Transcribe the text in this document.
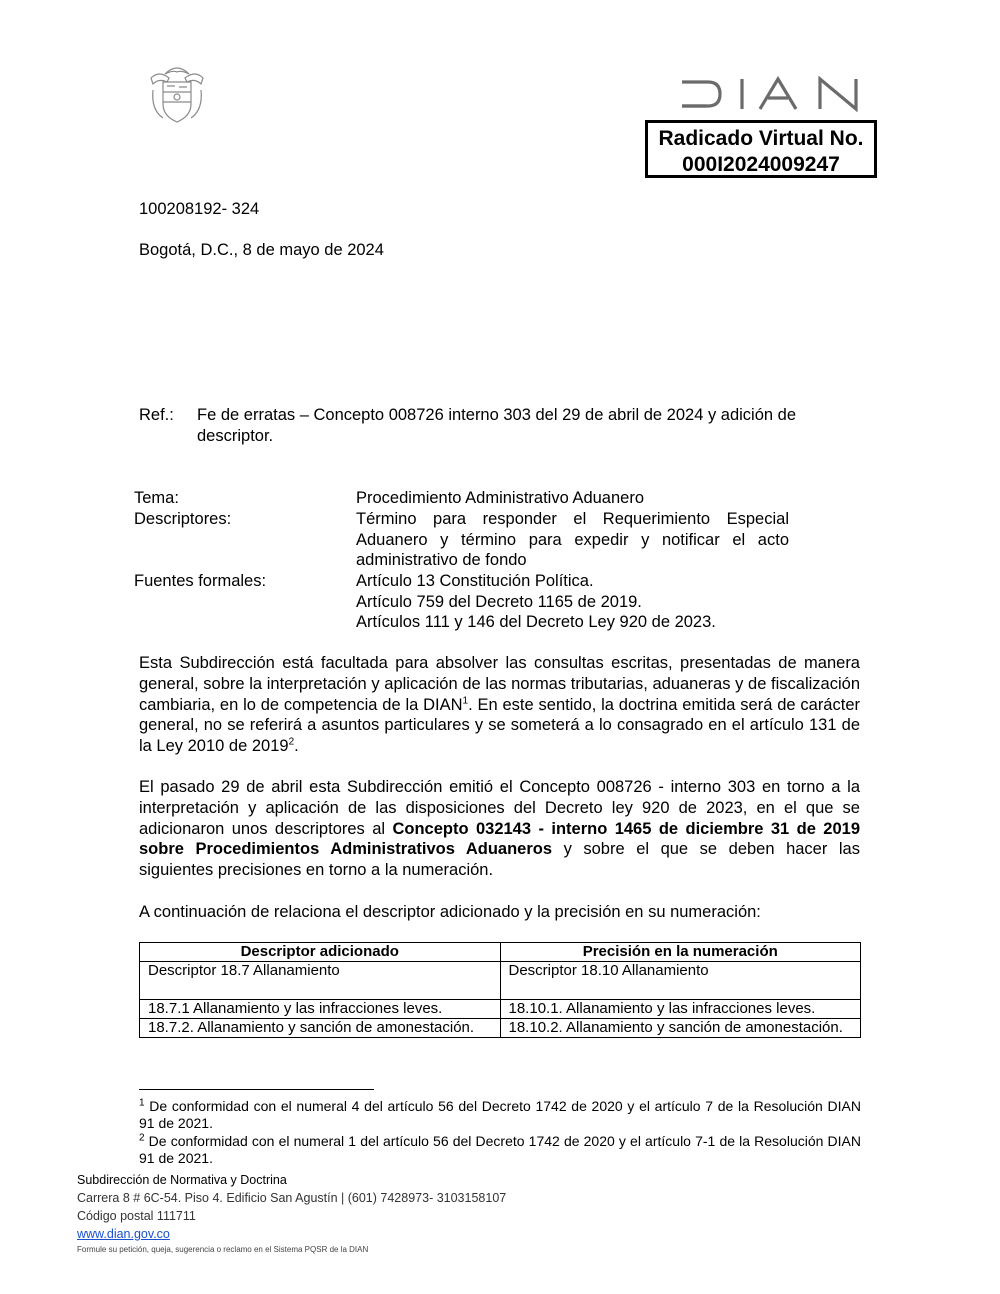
DIAN
Radicado Virtual No.
000I2024009247
100208192- 324
Bogotá, D.C., 8 de mayo de 2024
Ref.: Fe de erratas – Concepto 008726 interno 303 del 29 de abril de 2024 y adición de descriptor.
Tema:	Procedimiento Administrativo Aduanero
Descriptores:	Término para responder el Requerimiento Especial Aduanero y término para expedir y notificar el acto administrativo de fondo
Fuentes formales:	Artículo 13 Constitución Política.
Artículo 759 del Decreto 1165 de 2019.
Artículos 111 y 146 del Decreto Ley 920 de 2023.
Esta Subdirección está facultada para absolver las consultas escritas, presentadas de manera general, sobre la interpretación y aplicación de las normas tributarias, aduaneras y de fiscalización cambiaria, en lo de competencia de la DIAN$^1$. En este sentido, la doctrina emitida será de carácter general, no se referirá a asuntos particulares y se someterá a lo consagrado en el artículo 131 de la Ley 2010 de 2019$^2$.
El pasado 29 de abril esta Subdirección emitió el Concepto 008726 - interno 303 en torno a la interpretación y aplicación de las disposiciones del Decreto ley 920 de 2023, en el que se adicionaron unos descriptores al Concepto 032143 - interno 1465 de diciembre 31 de 2019 sobre Procedimientos Administrativos Aduaneros y sobre el que se deben hacer las siguientes precisiones en torno a la numeración.
A continuación de relaciona el descriptor adicionado y la precisión en su numeración:
Descriptor adicionado	Precisión en la numeración
Descriptor 18.7 Allanamiento	Descriptor 18.10 Allanamiento
18.7.1 Allanamiento y las infracciones leves.	18.10.1. Allanamiento y las infracciones leves.
18.7.2. Allanamiento y sanción de amonestación.	18.10.2. Allanamiento y sanción de amonestación.
$^1$ De conformidad con el numeral 4 del artículo 56 del Decreto 1742 de 2020 y el artículo 7 de la Resolución DIAN 91 de 2021.
$^2$ De conformidad con el numeral 1 del artículo 56 del Decreto 1742 de 2020 y el artículo 7-1 de la Resolución DIAN 91 de 2021.
Subdirección de Normativa y Doctrina
Carrera 8 # 6C-54. Piso 4. Edificio San Agustín | (601) 7428973- 3103158107
Código postal 111711
www.dian.gov.co
Formule su petición, queja, sugerencia o reclamo en el Sistema PQSR de la DIAN
